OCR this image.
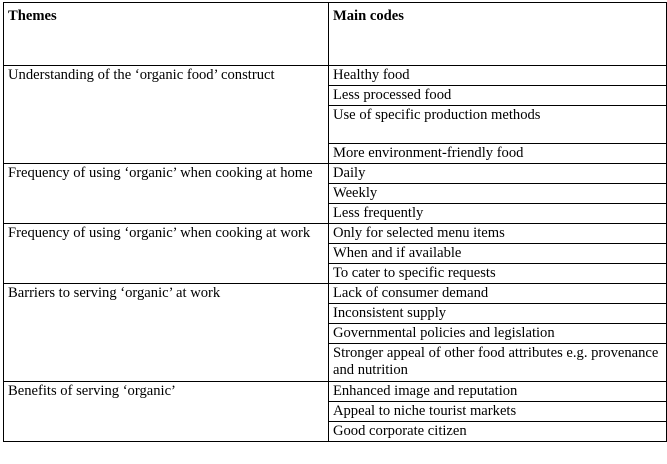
Themes	Main codes
Understanding of the ‘organic food’ construct	Healthy food
	Less processed food
	Use of specific production methods
	More environment-friendly food
Frequency of using ‘organic’ when cooking at home	Daily
	Weekly
	Less frequently
Frequency of using ‘organic’ when cooking at work	Only for selected menu items
	When and if available
	To cater to specific requests
Barriers to serving ‘organic’ at work	Lack of consumer demand
	Inconsistent supply
	Governmental policies and legislation
	Stronger appeal of other food attributes e.g. provenance and nutrition
Benefits of serving ‘organic’	Enhanced image and reputation
	Appeal to niche tourist markets
	Good corporate citizen
